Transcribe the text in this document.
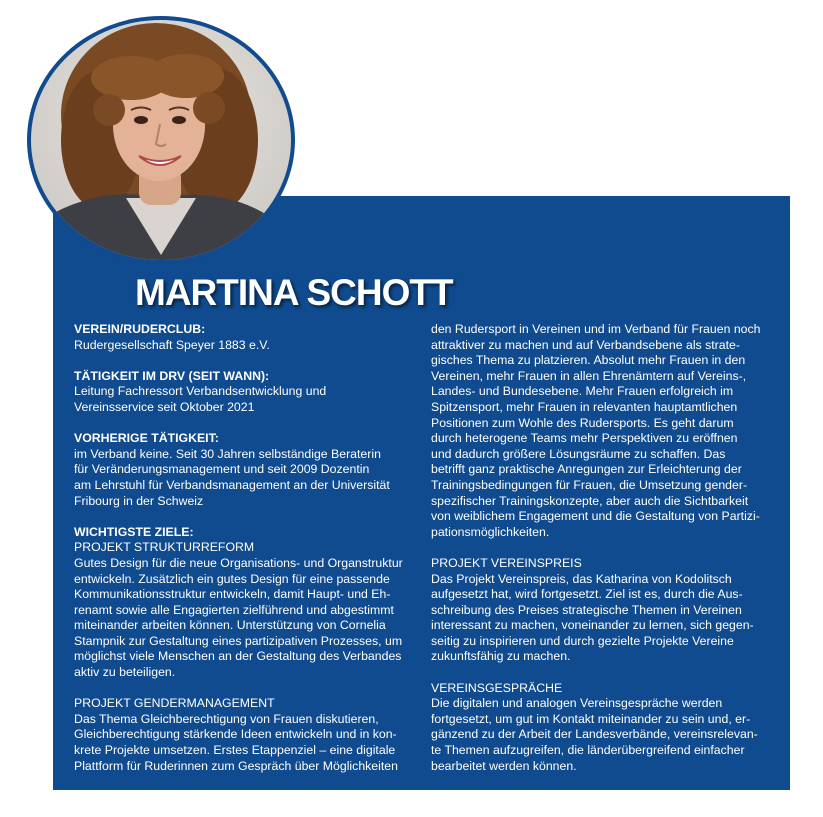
MARTINA SCHOTT

VEREIN/RUDERCLUB:

Rudergesellschaft Speyer 1883 e.V.

TÄTIGKEIT IM DRV (SEIT WANN):

Leitung Fachressort Verbandsentwicklung und

Vereinsservice seit Oktober 2021

VORHERIGE TÄTIGKEIT:

im Verband keine. Seit 30 Jahren selbständige Beraterin

für Veränderungsmanagement und seit 2009 Dozentin

am Lehrstuhl für Verbandsmanagement an der Universität

Fribourg in der Schweiz

WICHTIGSTE ZIELE:

PROJEKT STRUKTURREFORM

Gutes Design für die neue Organisations- und Organstruktur

entwickeln. Zusätzlich ein gutes Design für eine passende

Kommunikationsstruktur entwickeln, damit Haupt- und Eh-

renamt sowie alle Engagierten zielführend und abgestimmt

miteinander arbeiten können. Unterstützung von Cornelia

Stampnik zur Gestaltung eines partizipativen Prozesses, um

möglichst viele Menschen an der Gestaltung des Verbandes

aktiv zu beteiligen.

PROJEKT GENDERMANAGEMENT

Das Thema Gleichberechtigung von Frauen diskutieren,

Gleichberechtigung stärkende Ideen entwickeln und in kon-

krete Projekte umsetzen. Erstes Etappenziel – eine digitale

Plattform für Ruderinnen zum Gespräch über Möglichkeiten

den Rudersport in Vereinen und im Verband für Frauen noch

attraktiver zu machen und auf Verbandsebene als strate-

gisches Thema zu platzieren. Absolut mehr Frauen in den

Vereinen, mehr Frauen in allen Ehrenämtern auf Vereins-,

Landes- und Bundesebene. Mehr Frauen erfolgreich im

Spitzensport, mehr Frauen in relevanten hauptamtlichen

Positionen zum Wohle des Rudersports. Es geht darum

durch heterogene Teams mehr Perspektiven zu eröffnen

und dadurch größere Lösungsräume zu schaffen. Das

betrifft ganz praktische Anregungen zur Erleichterung der

Trainingsbedingungen für Frauen, die Umsetzung gender-

spezifischer Trainingskonzepte, aber auch die Sichtbarkeit

von weiblichem Engagement und die Gestaltung von Partizi-

pationsmöglichkeiten.

PROJEKT VEREINSPREIS

Das Projekt Vereinspreis, das Katharina von Kodolitsch

aufgesetzt hat, wird fortgesetzt. Ziel ist es, durch die Aus-

schreibung des Preises strategische Themen in Vereinen

interessant zu machen, voneinander zu lernen, sich gegen-

seitig zu inspirieren und durch gezielte Projekte Vereine

zukunftsfähig zu machen.

VEREINSGESPRÄCHE

Die digitalen und analogen Vereinsgespräche werden

fortgesetzt, um gut im Kontakt miteinander zu sein und, er-

gänzend zu der Arbeit der Landesverbände, vereinsrelevan-

te Themen aufzugreifen, die länderübergreifend einfacher

bearbeitet werden können.
